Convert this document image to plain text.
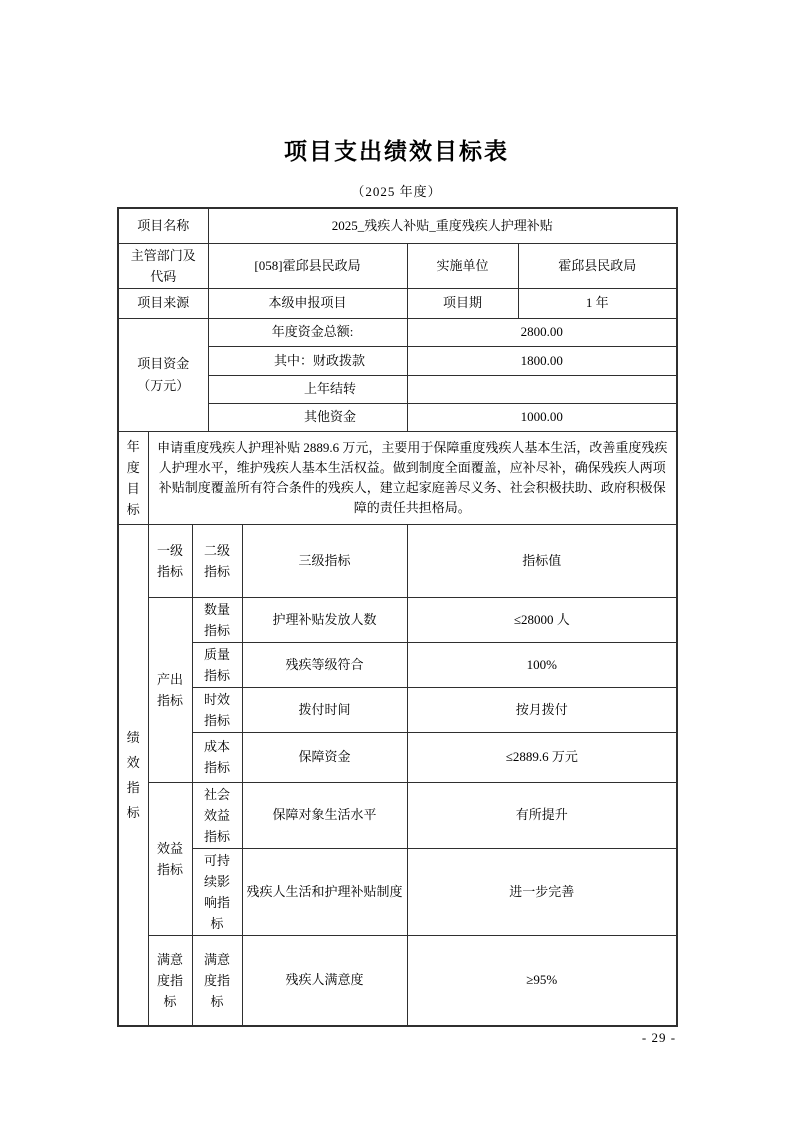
项目支出绩效目标表
（2025 年度）
项目名称			2025_残疾人补贴_重度残疾人护理补贴			

主管部门及代码			[058]霍邱县民政局		实施单位	霍邱县民政局
项目来源			本级申报项目		项目期	1 年

项目资金（万元）			年度资金总额:		2800.00	
			其中：财政拨款		1800.00	
			上年结转			
			其他资金		1000.00	

年度目标	申请重度残疾人护理补贴 2889.6 万元，主要用于保障重度残疾人基本生活，改善重度残疾人护理水平，维护残疾人基本生活权益。做到制度全面覆盖，应补尽补，确保残疾人两项补贴制度覆盖所有符合条件的残疾人，建立起家庭善尽义务、社会积极扶助、政府积极保障的责任共担格局。					

绩效指标	一级指标	二级指标		三级指标	指标值	

	产出指标	数量指标		护理补贴发放人数	≤28000 人	

		质量指标		残疾等级符合	100%	

		时效指标		拨付时间	按月拨付	

		成本指标		保障资金	≤2889.6 万元	

	效益指标	社会效益指标		保障对象生活水平	有所提升	

		可持续影响指标		残疾人生活和护理补贴制度	进一步完善	

	满意度指标	满意度指标		残疾人满意度	≥95%	
- 29 -
